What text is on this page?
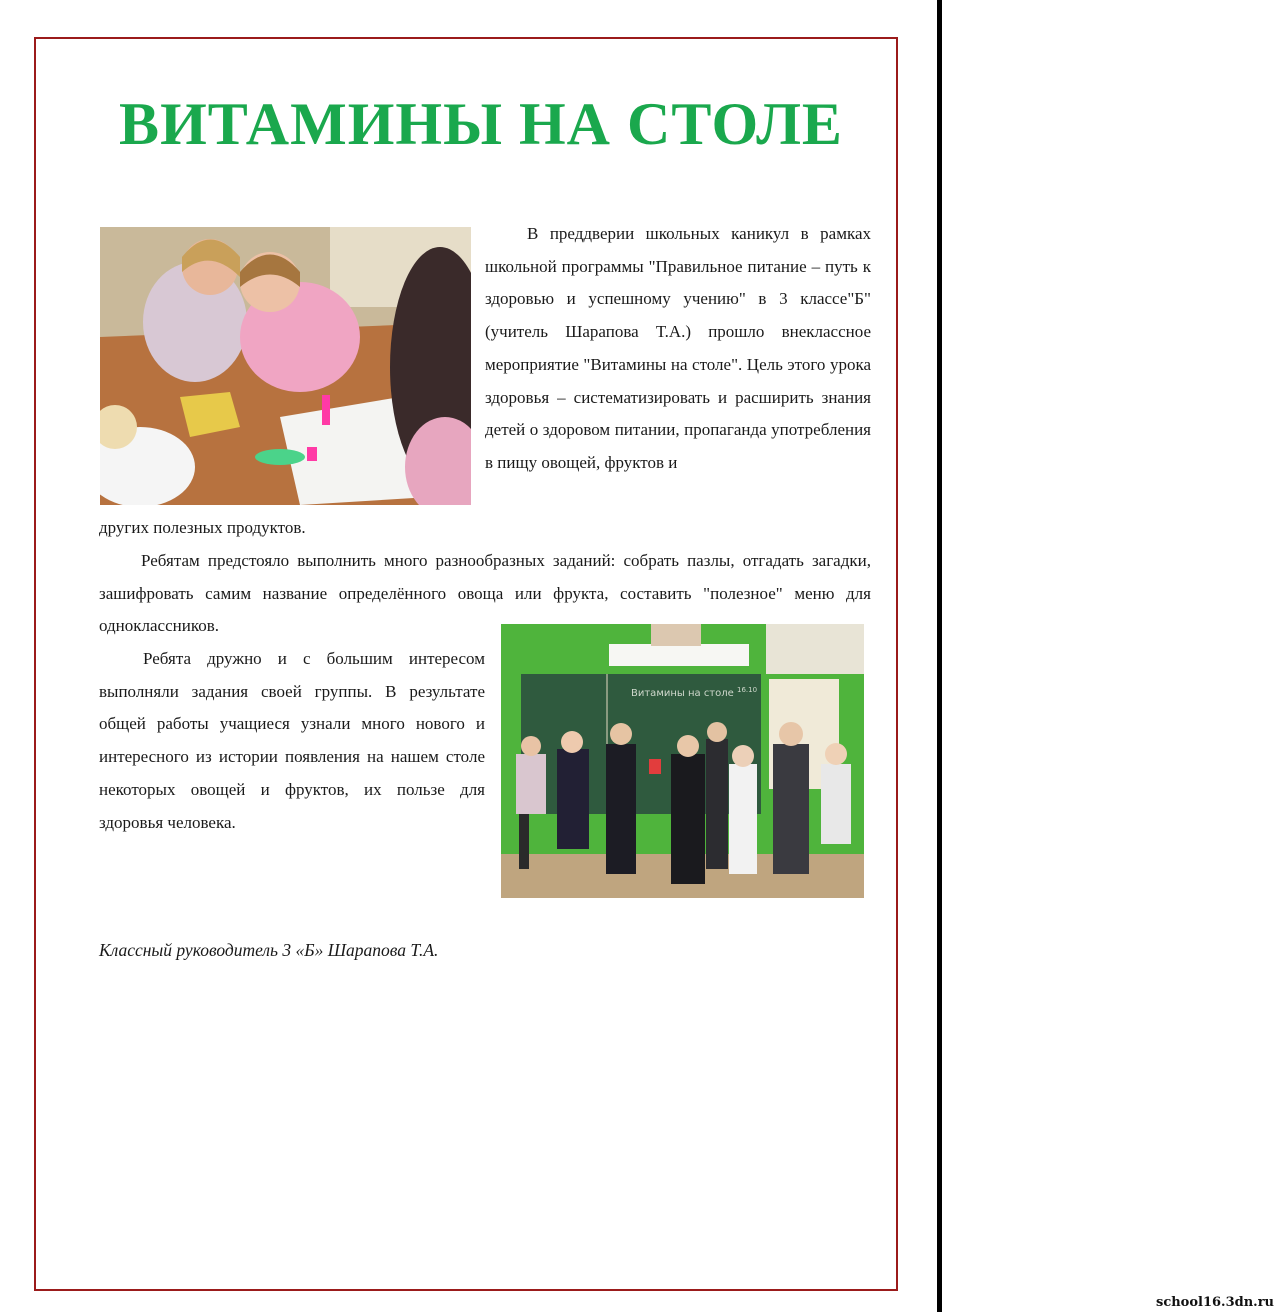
ВИТАМИНЫ НА СТОЛЕ

В преддверии школьных каникул в рамках школьной программы "Правильное питание – путь к здоровью и успешному учению" в 3 классе"Б" (учитель Шарапова Т.А.) прошло внеклассное мероприятие "Витамины на столе". Цель этого урока здоровья – систематизировать и расширить знания детей о здоровом питании, пропаганда употребления в пищу овощей, фруктов и

других полезных продуктов.

Ребятам предстояло выполнить много разнообразных заданий: собрать пазлы, отгадать загадки, зашифровать самим название определённого овоща или фрукта, составить "полезное" меню для одноклассников.

Ребята дружно и с большим интересом выполняли задания своей группы. В результате общей работы учащиеся узнали много нового и интересного из истории появления на нашем столе некоторых овощей и фруктов, их пользе для здоровья человека.

Витамины на столе 16.10

Классный руководитель 3 «Б» Шарапова Т.А.

school16.3dn.ru
